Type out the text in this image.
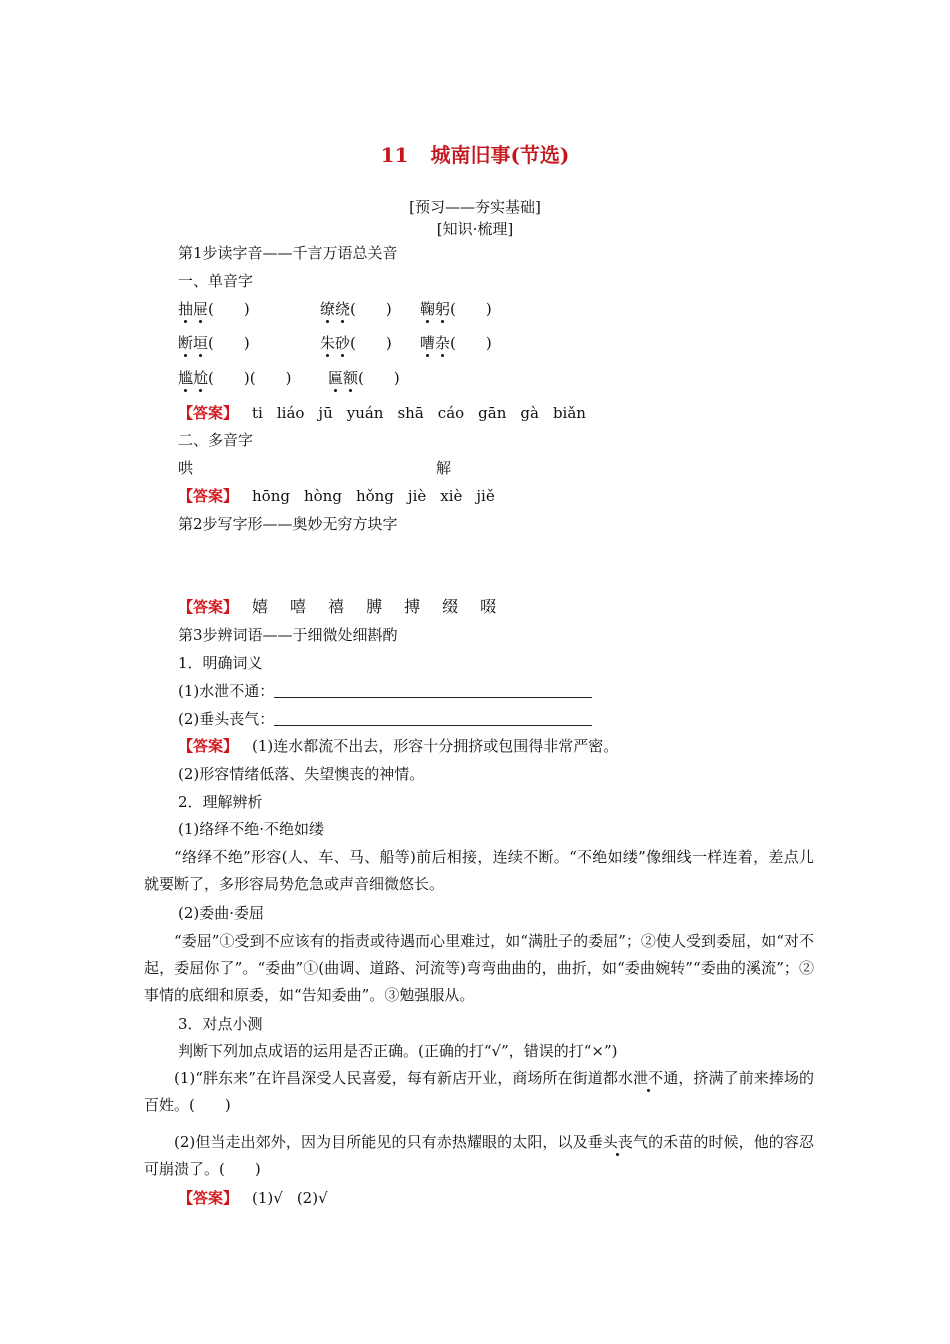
11 城南旧事(节选)
[预习——夯实基础]
[知识·梳理]
第1步读字音——千言万语总关音
一、单音字
抽屉(　　)	缭绕(　　) 鞠躬(　　)
断垣(　　)	朱砂(　　) 嘈杂(　　)
尴尬(　　)(　　) 匾额(　　)
【答案】 ti liáo jū yuán shā cáo gān gà biǎn
二、多音字
哄	解
【答案】 hōng hòng hǒng jiè xiè jiě
第2步写字形——奥妙无穷方块字
【答案】 嬉 嘻 禧 膊 搏 缀 啜
第3步辨词语——于细微处细斟酌
1．明确词义
(1)水泄不通：
(2)垂头丧气：
【答案】 (1)连水都流不出去，形容十分拥挤或包围得非常严密。
(2)形容情绪低落、失望懊丧的神情。
2．理解辨析
(1)络绎不绝·不绝如缕
“络绎不绝”形容(人、车、马、船等)前后相接，连续不断。“不绝如缕”像细线一样连着，差点儿就要断了，多形容局势危急或声音细微悠长。
(2)委曲·委屈
“委屈”①受到不应该有的指责或待遇而心里难过，如“满肚子的委屈”；②使人受到委屈，如“对不起，委屈你了”。“委曲”①(曲调、道路、河流等)弯弯曲曲的，曲折，如“委曲婉转”“委曲的溪流”；②事情的底细和原委，如“告知委曲”。③勉强服从。
3．对点小测
判断下列加点成语的运用是否正确。(正确的打“√”，错误的打“×”)
(1)“胖东来”在许昌深受人民喜爱，每有新店开业，商场所在街道都水泄不通，挤满了前来捧场的百姓。(　　)
(2)但当走出郊外，因为目所能见的只有赤热耀眼的太阳，以及垂头丧气的禾苗的时候，他的容忍可崩溃了。(　　)
【答案】 (1)√ (2)√
